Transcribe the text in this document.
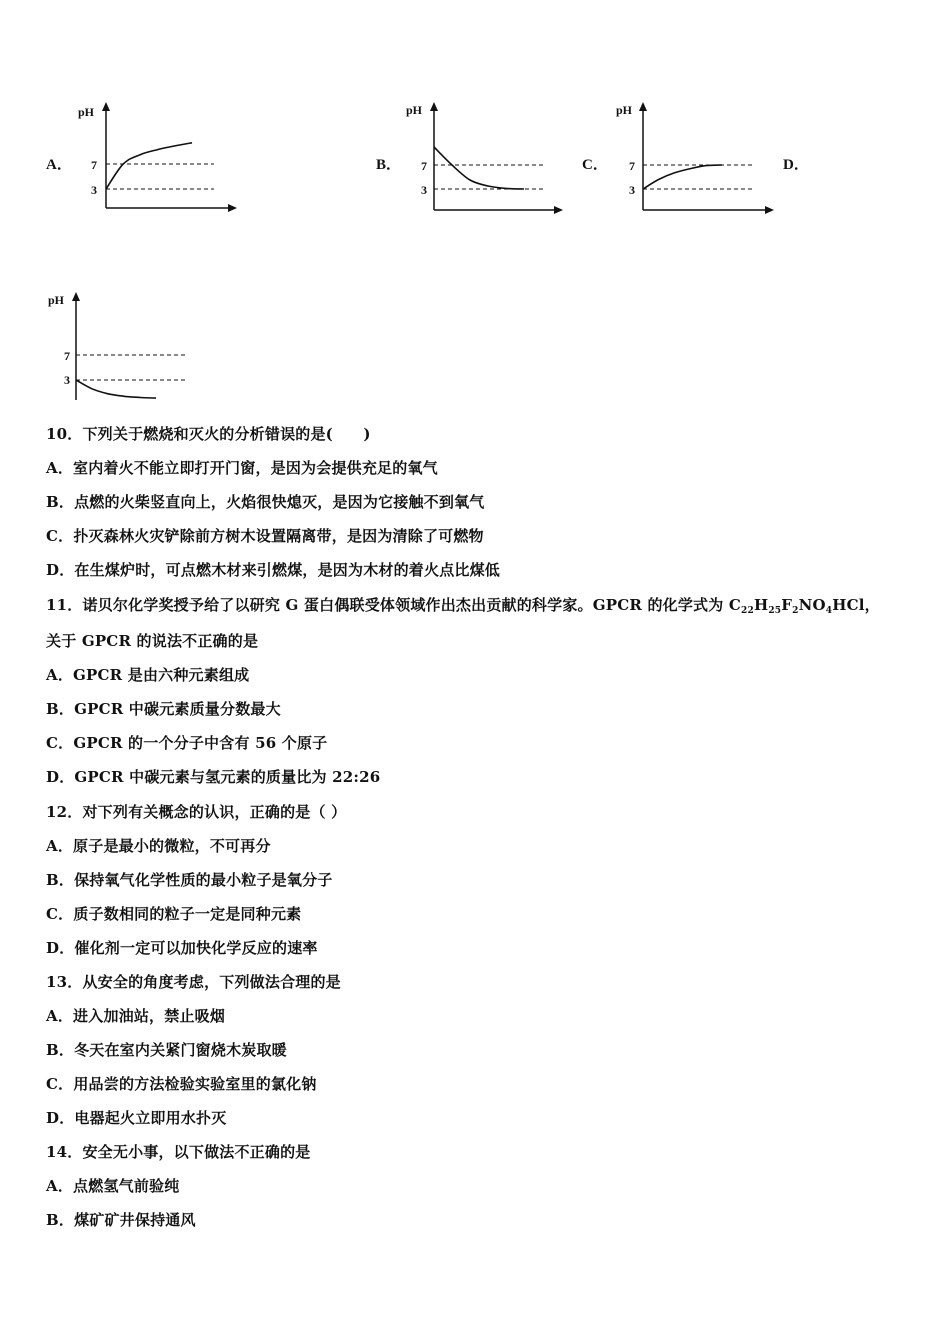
A．	B．	C．	D．
pH
7
3
pH
7
3
pH
7
3
pH
7
3
10．下列关于燃烧和灭火的分析错误的是(　　)
A．室内着火不能立即打开门窗，是因为会提供充足的氧气
B．点燃的火柴竖直向上，火焰很快熄灭，是因为它接触不到氧气
C．扑灭森林火灾铲除前方树木设置隔离带，是因为清除了可燃物
D．在生煤炉时，可点燃木材来引燃煤，是因为木材的着火点比煤低
11．诺贝尔化学奖授予给了以研究 G 蛋白偶联受体领域作出杰出贡献的科学家。GPCR 的化学式为 $C_{22}H_{25}F_2NO_4HCl$，
关于 GPCR 的说法不正确的是
A．GPCR 是由六种元素组成
B．GPCR 中碳元素质量分数最大
C．GPCR 的一个分子中含有 56 个原子
D．GPCR 中碳元素与氢元素的质量比为 22:26
12．对下列有关概念的认识，正确的是（ ）
A．原子是最小的微粒，不可再分
B．保持氧气化学性质的最小粒子是氧分子
C．质子数相同的粒子一定是同种元素
D．催化剂一定可以加快化学反应的速率
13．从安全的角度考虑，下列做法合理的是
A．进入加油站，禁止吸烟
B．冬天在室内关紧门窗烧木炭取暖
C．用品尝的方法检验实验室里的氯化钠
D．电器起火立即用水扑灭
14．安全无小事，以下做法不正确的是
A．点燃氢气前验纯
B．煤矿矿井保持通风
